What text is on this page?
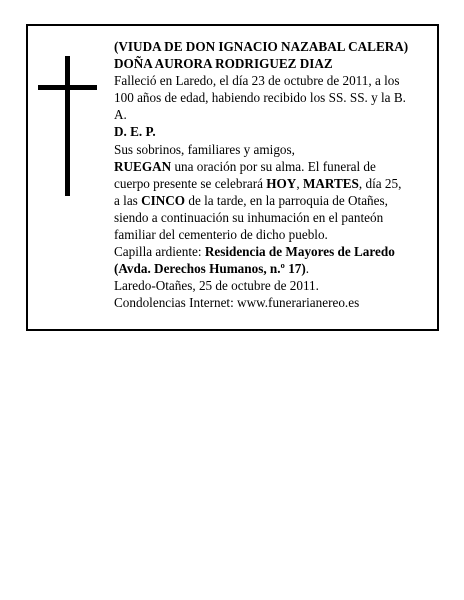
(VIUDA DE DON IGNACIO NAZABAL CALERA)
DOÑA AURORA RODRIGUEZ DIAZ
Falleció en Laredo, el día 23 de octubre de 2011, a los
100 años de edad, habiendo recibido los SS. SS. y la B.
A.
D. E. P.
Sus sobrinos, familiares y amigos,
RUEGAN una oración por su alma. El funeral de
cuerpo presente se celebrará HOY, MARTES, día 25,
a las CINCO de la tarde, en la parroquia de Otañes,
siendo a continuación su inhumación en el panteón
familiar del cementerio de dicho pueblo.
Capilla ardiente: Residencia de Mayores de Laredo
(Avda. Derechos Humanos, n.º 17).
Laredo-Otañes, 25 de octubre de 2011.
Condolencias Internet: www.funerarianereo.es
